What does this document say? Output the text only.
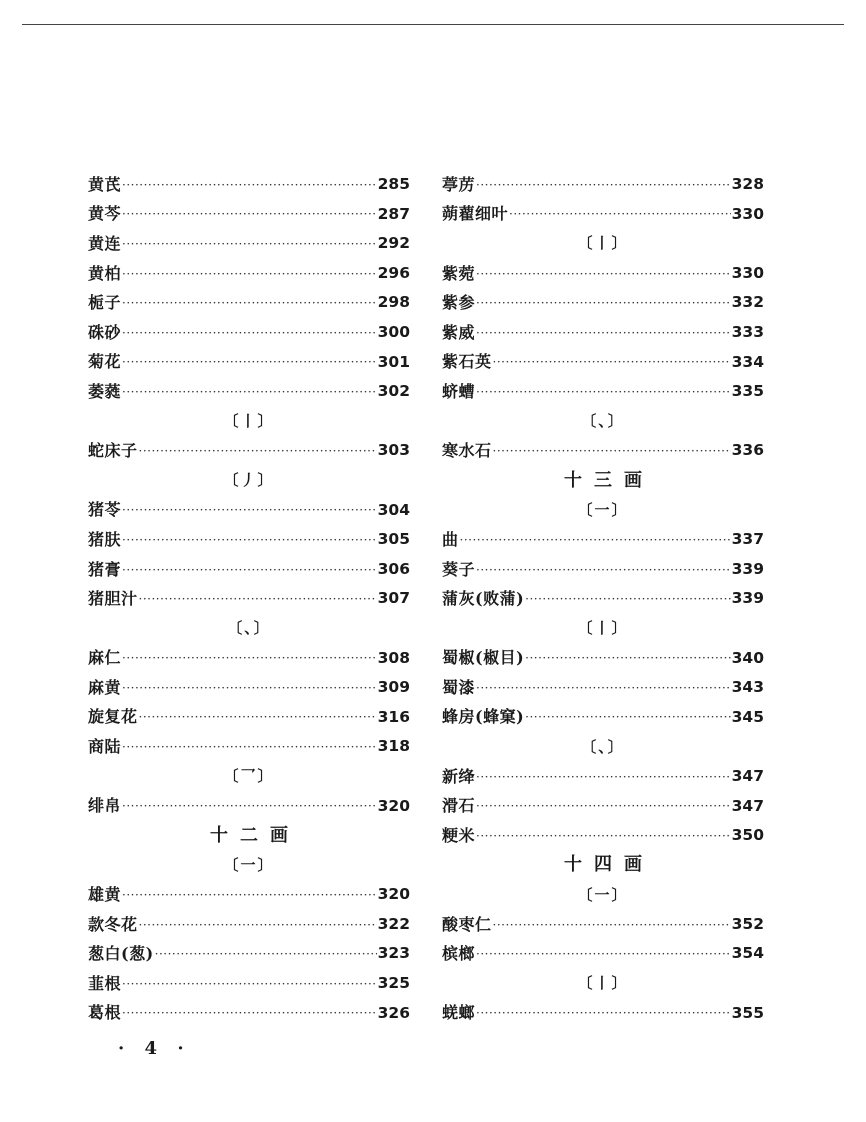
黄芪 ·····	285
黄芩 ·····	287
黄连 ·····	292
黄柏 ·····	296
栀子 ·····	298
硃砂 ·····	300
菊花 ·····	301
萎蕤 ·····	302
〔丨〕
蛇床子 ·····	303
〔丿〕
猪苓 ·····	304
猪肤 ·····	305
猪膏 ·····	306
猪胆汁 ·····	307
〔、〕
麻仁 ·····	308
麻黄 ·····	309
旋复花 ·····	316
商陆 ·····	318
〔乛〕
绯帛 ·····	320
十二画
〔一〕
雄黄 ·····	320
款冬花 ·····	322
葱白(葱) ·····	323
韮根 ·····	325
葛根 ·····	326
葶苈 ·····	328
蒴藋细叶 ·····	330
〔丨〕
紫菀 ·····	330
紫参 ·····	332
紫威 ·····	333
紫石英 ·····	334
蛴螬 ·····	335
〔、〕
寒水石 ·····	336
十三画
〔一〕
曲 ·····	337
葵子 ·····	339
蒲灰(败蒲) ·····	339
〔丨〕
蜀椒(椒目) ·····	340
蜀漆 ·····	343
蜂房(蜂窠) ·····	345
〔、〕
新绛 ·····	347
滑石 ·····	347
粳米 ·····	350
十四画
〔一〕
酸枣仁 ·····	352
槟榔 ·····	354
〔丨〕
蜣螂 ·····	355
· 4 ·
